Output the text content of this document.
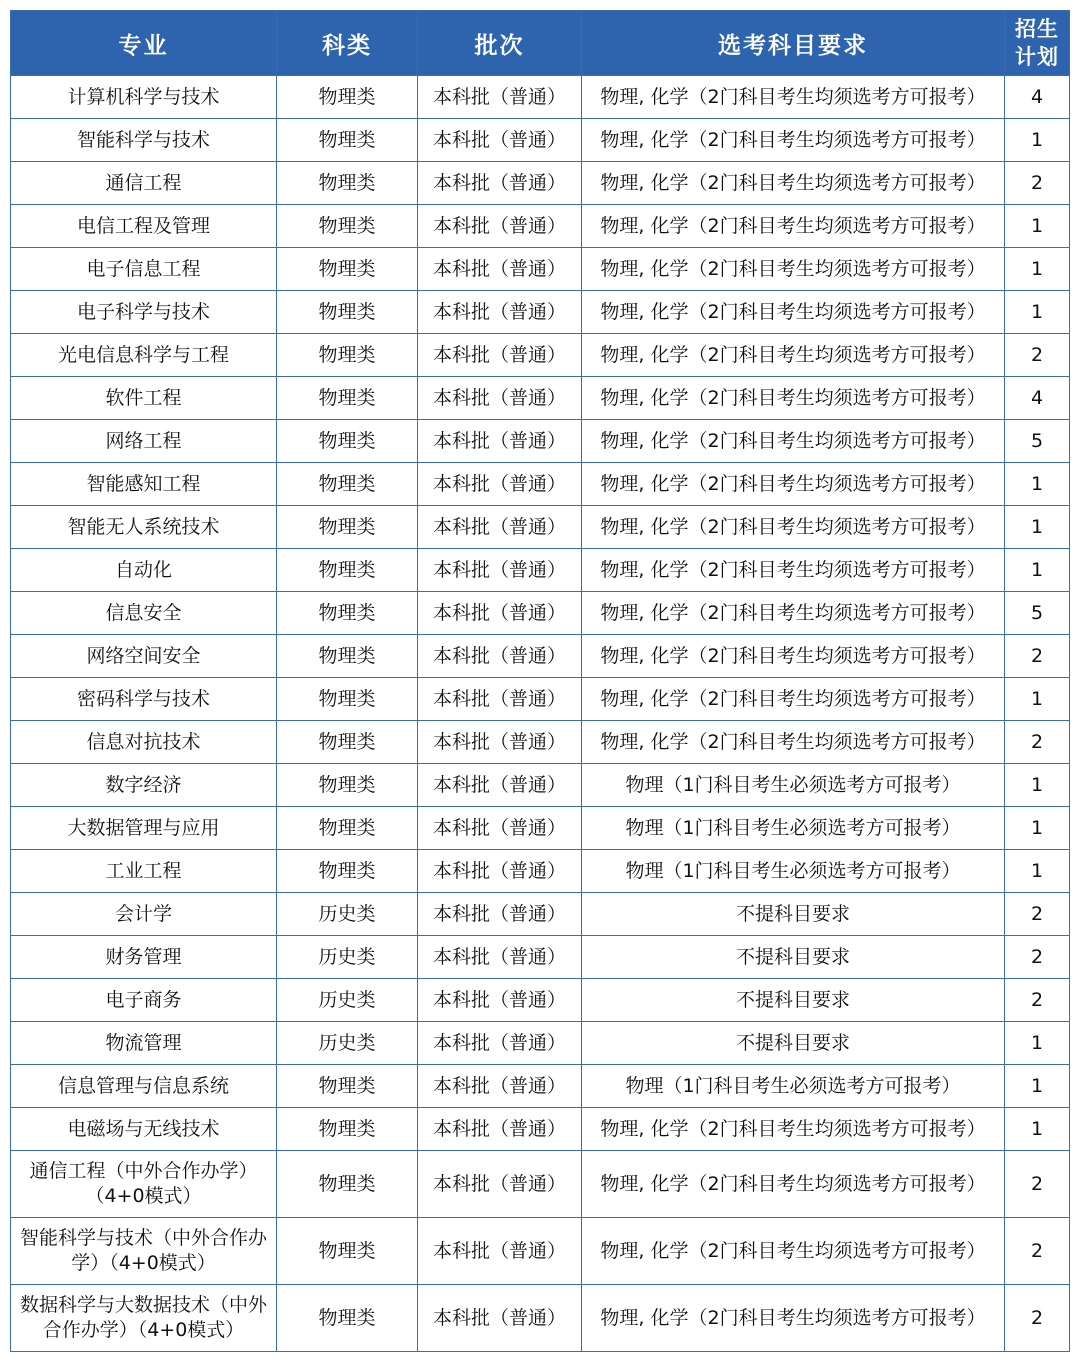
专业	科类	批次	选考科目要求	招生计划
计算机科学与技术	物理类	本科批（普通）	物理, 化学（2门科目考生均须选考方可报考）	4
智能科学与技术	物理类	本科批（普通）	物理, 化学（2门科目考生均须选考方可报考）	1
通信工程	物理类	本科批（普通）	物理, 化学（2门科目考生均须选考方可报考）	2
电信工程及管理	物理类	本科批（普通）	物理, 化学（2门科目考生均须选考方可报考）	1
电子信息工程	物理类	本科批（普通）	物理, 化学（2门科目考生均须选考方可报考）	1
电子科学与技术	物理类	本科批（普通）	物理, 化学（2门科目考生均须选考方可报考）	1
光电信息科学与工程	物理类	本科批（普通）	物理, 化学（2门科目考生均须选考方可报考）	2
软件工程	物理类	本科批（普通）	物理, 化学（2门科目考生均须选考方可报考）	4
网络工程	物理类	本科批（普通）	物理, 化学（2门科目考生均须选考方可报考）	5
智能感知工程	物理类	本科批（普通）	物理, 化学（2门科目考生均须选考方可报考）	1
智能无人系统技术	物理类	本科批（普通）	物理, 化学（2门科目考生均须选考方可报考）	1
自动化	物理类	本科批（普通）	物理, 化学（2门科目考生均须选考方可报考）	1
信息安全	物理类	本科批（普通）	物理, 化学（2门科目考生均须选考方可报考）	5
网络空间安全	物理类	本科批（普通）	物理, 化学（2门科目考生均须选考方可报考）	2
密码科学与技术	物理类	本科批（普通）	物理, 化学（2门科目考生均须选考方可报考）	1
信息对抗技术	物理类	本科批（普通）	物理, 化学（2门科目考生均须选考方可报考）	2
数字经济	物理类	本科批（普通）	物理（1门科目考生必须选考方可报考）	1
大数据管理与应用	物理类	本科批（普通）	物理（1门科目考生必须选考方可报考）	1
工业工程	物理类	本科批（普通）	物理（1门科目考生必须选考方可报考）	1
会计学	历史类	本科批（普通）	不提科目要求	2
财务管理	历史类	本科批（普通）	不提科目要求	2
电子商务	历史类	本科批（普通）	不提科目要求	2
物流管理	历史类	本科批（普通）	不提科目要求	1
信息管理与信息系统	物理类	本科批（普通）	物理（1门科目考生必须选考方可报考）	1
电磁场与无线技术	物理类	本科批（普通）	物理, 化学（2门科目考生均须选考方可报考）	1
通信工程（中外合作办学）（4+0模式）	物理类	本科批（普通）	物理, 化学（2门科目考生均须选考方可报考）	2
智能科学与技术（中外合作办学）（4+0模式）	物理类	本科批（普通）	物理, 化学（2门科目考生均须选考方可报考）	2
数据科学与大数据技术（中外合作办学）（4+0模式）	物理类	本科批（普通）	物理, 化学（2门科目考生均须选考方可报考）	2
